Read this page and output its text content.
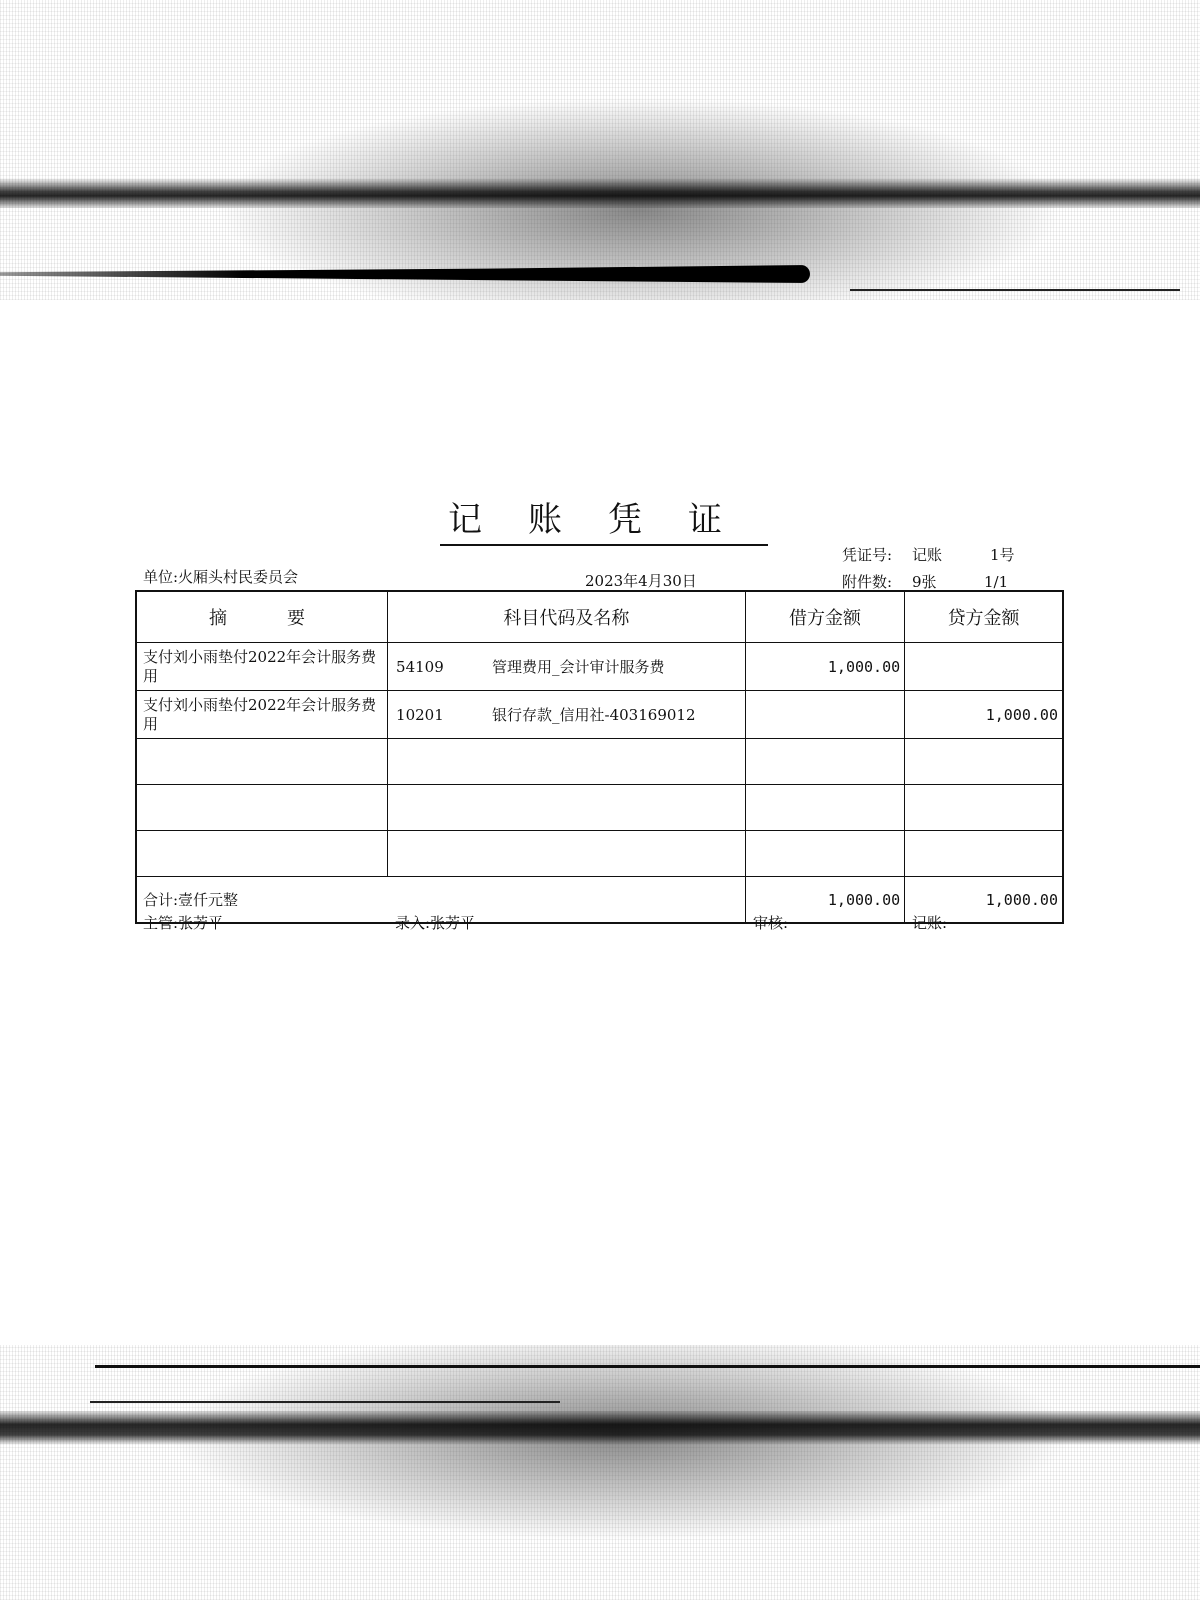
记账凭证
单位:火厢头村民委员会	2023年4月30日
凭证号: 记账	1号
附件数: 9张	1/1
摘要	科目代码及名称	借方金额	贷方金额
支付刘小雨垫付2022年会计服务费用	54109 管理费用_会计审计服务费	1,000.00	
支付刘小雨垫付2022年会计服务费用	10201 银行存款_信用社-403169012		1,000.00

合计:壹仟元整		1,000.00	1,000.00
主管:张芳平	录入:张芳平	审核:	记账:
